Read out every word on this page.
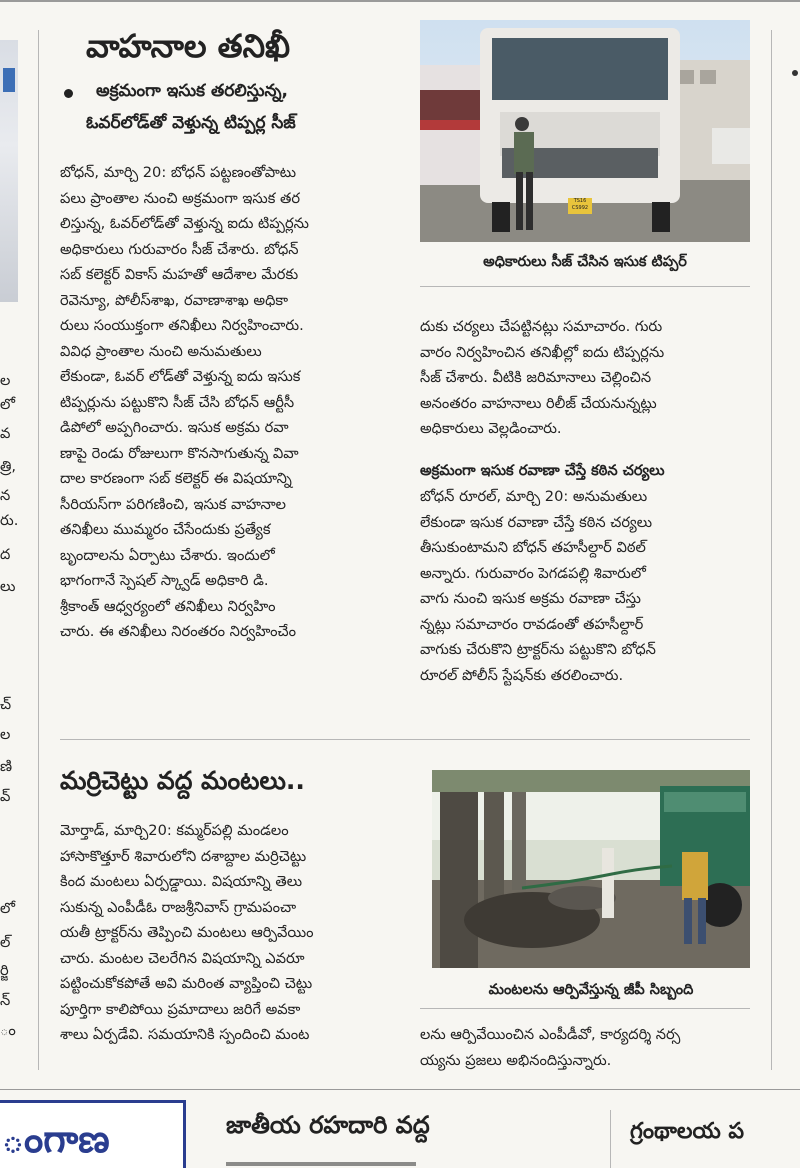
ల
లో
వ
త్రి,
న
రు.
ద
లు
చ్
ల
ణి
వ్
లో
ల్
ర్జి
న్
ం
వాహనాల తనిఖీ
అక్రమంగా ఇసుక తరలిస్తున్న,
ఓవర్‌లోడ్‌తో వెళ్తున్న టిప్పర్ల సీజ్
బోధన్, మార్చి 20: బోధన్ పట్టణంతోపాటు
పలు ప్రాంతాల నుంచి అక్రమంగా ఇసుక తర
లిస్తున్న, ఓవర్‌లోడ్‌తో వెళ్తున్న ఐదు టిప్పర్లను
అధికారులు గురువారం సీజ్ చేశారు. బోధన్
సబ్ కలెక్టర్ వికాస్ మహతో ఆదేశాల మేరకు
రెవెన్యూ, పోలీస్‌శాఖ, రవాణాశాఖ అధికా
రులు సంయుక్తంగా తనిఖీలు నిర్వహించారు.
వివిధ ప్రాంతాల నుంచి అనుమతులు
లేకుండా, ఓవర్ లోడ్‌తో వెళ్తున్న ఐదు ఇసుక
టిప్పర్లును పట్టుకొని సీజ్ చేసి బోధన్ ఆర్టీసీ
డిపోలో అప్పగించారు. ఇసుక అక్రమ రవా
ణాపై రెండు రోజులుగా కొనసాగుతున్న వివా
దాల కారణంగా సబ్ కలెక్టర్ ఈ విషయాన్ని
సీరియస్‌గా పరిగణించి, ఇసుక వాహనాల
తనిఖీలు ముమ్మరం చేసేందుకు ప్రత్యేక
బృందాలను ఏర్పాటు చేశారు. ఇందులో
భాగంగానే స్పెషల్ స్క్వాడ్ అధికారి డి.
శ్రీకాంత్ ఆధ్వర్యంలో తనిఖీలు నిర్వహిం
చారు. ఈ తనిఖీలు నిరంతరం నిర్వహించేం
TS16
CS992
అధికారులు సీజ్ చేసిన ఇసుక టిప్పర్
దుకు చర్యలు చేపట్టినట్లు సమాచారం. గురు
వారం నిర్వహించిన తనిఖీల్లో ఐదు టిప్పర్లను
సీజ్ చేశారు. వీటికి జరిమానాలు చెల్లించిన
అనంతరం వాహనాలు రిలీజ్ చేయనున్నట్లు
అధికారులు వెల్లడించారు.
అక్రమంగా ఇసుక రవాణా చేస్తే కఠిన చర్యలు
బోధన్ రూరల్, మార్చి 20: అనుమతులు
లేకుండా ఇసుక రవాణా చేస్తే కఠిన చర్యలు
తీసుకుంటామని బోధన్ తహసీల్దార్ విఠల్
అన్నారు. గురువారం పెగడపల్లి శివారులో
వాగు నుంచి ఇసుక అక్రమ రవాణా చేస్తు
న్నట్లు సమాచారం రావడంతో తహసీల్దార్
వాగుకు చేరుకొని ట్రాక్టర్‌ను పట్టుకొని బోధన్
రూరల్ పోలీస్ స్టేషన్‌కు తరలించారు.
మర్రిచెట్టు వద్ద మంటలు..
మోర్తాడ్, మార్చి20: కమ్మర్‌పల్లి మండలం
హాసాకొత్తూర్ శివారులోని దశాబ్దాల మర్రిచెట్టు
కింద మంటలు ఏర్పడ్డాయి. విషయాన్ని తెలు
సుకున్న ఎంపీడీఓ రాజశ్రీనివాస్ గ్రామపంచా
యతీ ట్రాక్టర్‌ను తెప్పించి మంటలు ఆర్పివేయిం
చారు. మంటల చెలరేగిన విషయాన్ని ఎవరూ
పట్టించుకోకపోతే అవి మరింత వ్యాప్తించి చెట్టు
పూర్తిగా కాలిపోయి ప్రమాదాలు జరిగే అవకా
శాలు ఏర్పడేవి. సమయానికి స్పందించి మంట
మంటలను ఆర్పివేస్తున్న జీపీ సిబ్బంది
లను ఆర్పివేయించిన ఎంపీడీవో, కార్యదర్శి నర్స
య్యను ప్రజలు అభినందిస్తున్నారు.
ంగాణ	జాతీయ రహదారి వద్ద	గ్రంథాలయ ప
